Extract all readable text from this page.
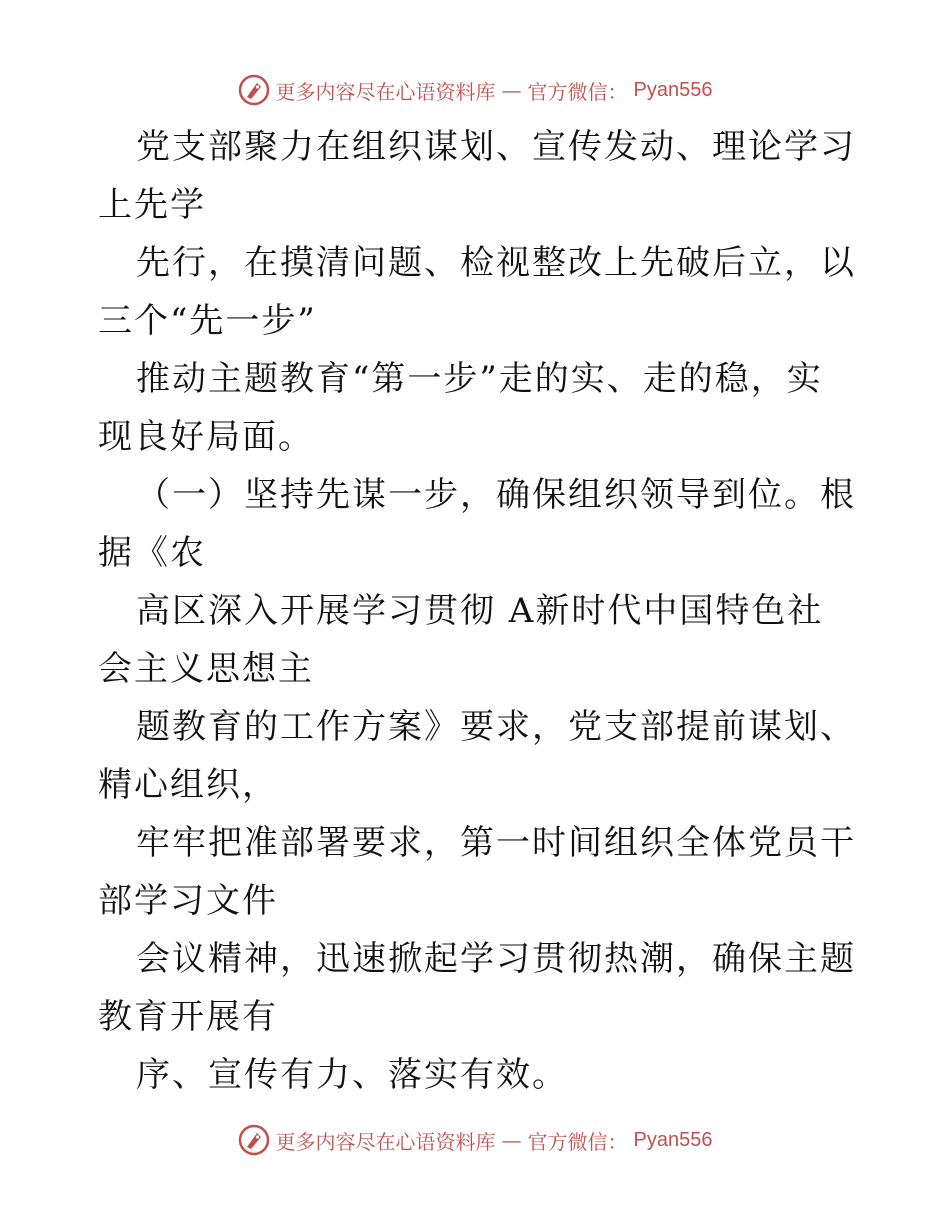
更多内容尽在心语资料库 — 官方微信： Pyan556

党支部聚力在组织谋划、宣传发动、理论学习上先学

先行，在摸清问题、检视整改上先破后立，以三个“先一步”

推动主题教育“第一步”走的实、走的稳，实现良好局面。

（一）坚持先谋一步，确保组织领导到位。根据《农

高区深入开展学习贯彻 A新时代中国特色社会主义思想主

题教育的工作方案》要求，党支部提前谋划、精心组织，

牢牢把准部署要求，第一时间组织全体党员干部学习文件

会议精神，迅速掀起学习贯彻热潮，确保主题教育开展有

序、宣传有力、落实有效。

更多内容尽在心语资料库 — 官方微信： Pyan556
